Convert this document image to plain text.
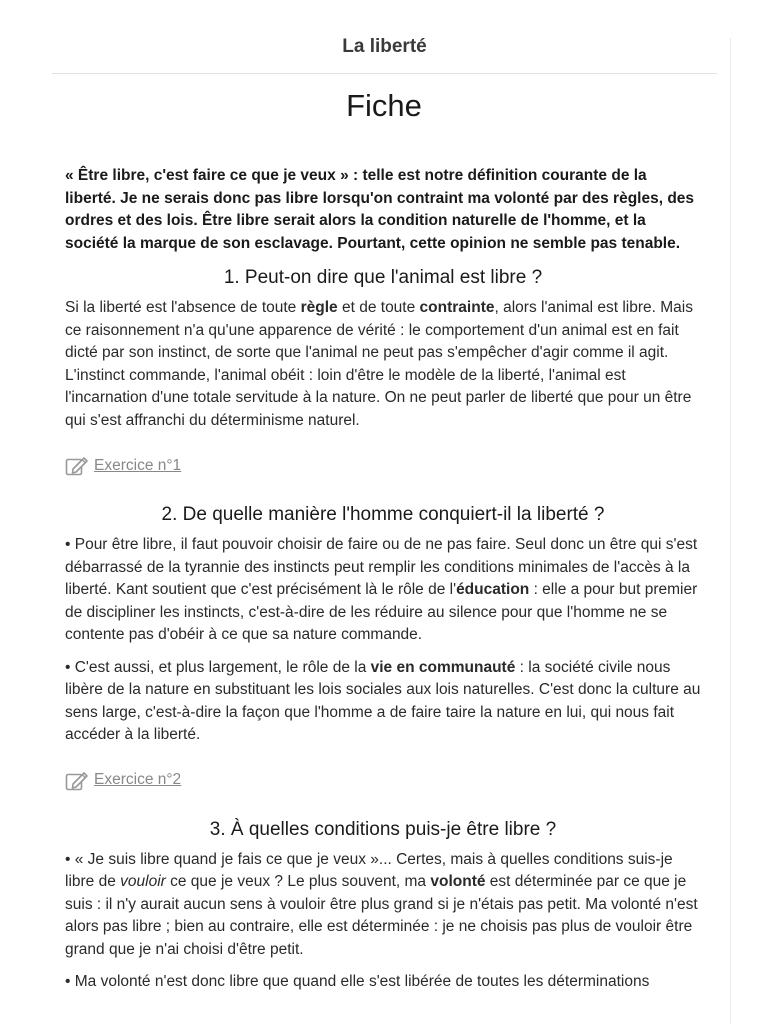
La liberté
Fiche

« Être libre, c'est faire ce que je veux » : telle est notre définition courante de la liberté. Je ne serais donc pas libre lorsqu'on contraint ma volonté par des règles, des ordres et des lois. Être libre serait alors la condition naturelle de l'homme, et la société la marque de son esclavage. Pourtant, cette opinion ne semble pas tenable.

1. Peut-on dire que l'animal est libre ?

Si la liberté est l'absence de toute règle et de toute contrainte, alors l'animal est libre. Mais ce raisonnement n'a qu'une apparence de vérité : le comportement d'un animal est en fait dicté par son instinct, de sorte que l'animal ne peut pas s'empêcher d'agir comme il agit. L'instinct commande, l'animal obéit : loin d'être le modèle de la liberté, l'animal est l'incarnation d'une totale servitude à la nature. On ne peut parler de liberté que pour un être qui s'est affranchi du déterminisme naturel.

Exercice n°1
2. De quelle manière l'homme conquiert-il la liberté ?

• Pour être libre, il faut pouvoir choisir de faire ou de ne pas faire. Seul donc un être qui s'est débarrassé de la tyrannie des instincts peut remplir les conditions minimales de l'accès à la liberté. Kant soutient que c'est précisément là le rôle de l'éducation : elle a pour but premier de discipliner les instincts, c'est-à-dire de les réduire au silence pour que l'homme ne se contente pas d'obéir à ce que sa nature commande.

• C'est aussi, et plus largement, le rôle de la vie en communauté : la société civile nous libère de la nature en substituant les lois sociales aux lois naturelles. C'est donc la culture au sens large, c'est-à-dire la façon que l'homme a de faire taire la nature en lui, qui nous fait accéder à la liberté.

Exercice n°2
3. À quelles conditions puis-je être libre ?

• « Je suis libre quand je fais ce que je veux »... Certes, mais à quelles conditions suis-je libre de vouloir ce que je veux ? Le plus souvent, ma volonté est déterminée par ce que je suis : il n'y aurait aucun sens à vouloir être plus grand si je n'étais pas petit. Ma volonté n'est alors pas libre ; bien au contraire, elle est déterminée : je ne choisis pas plus de vouloir être grand que je n'ai choisi d'être petit.

• Ma volonté n'est donc libre que quand elle s'est libérée de toutes les déterminations
